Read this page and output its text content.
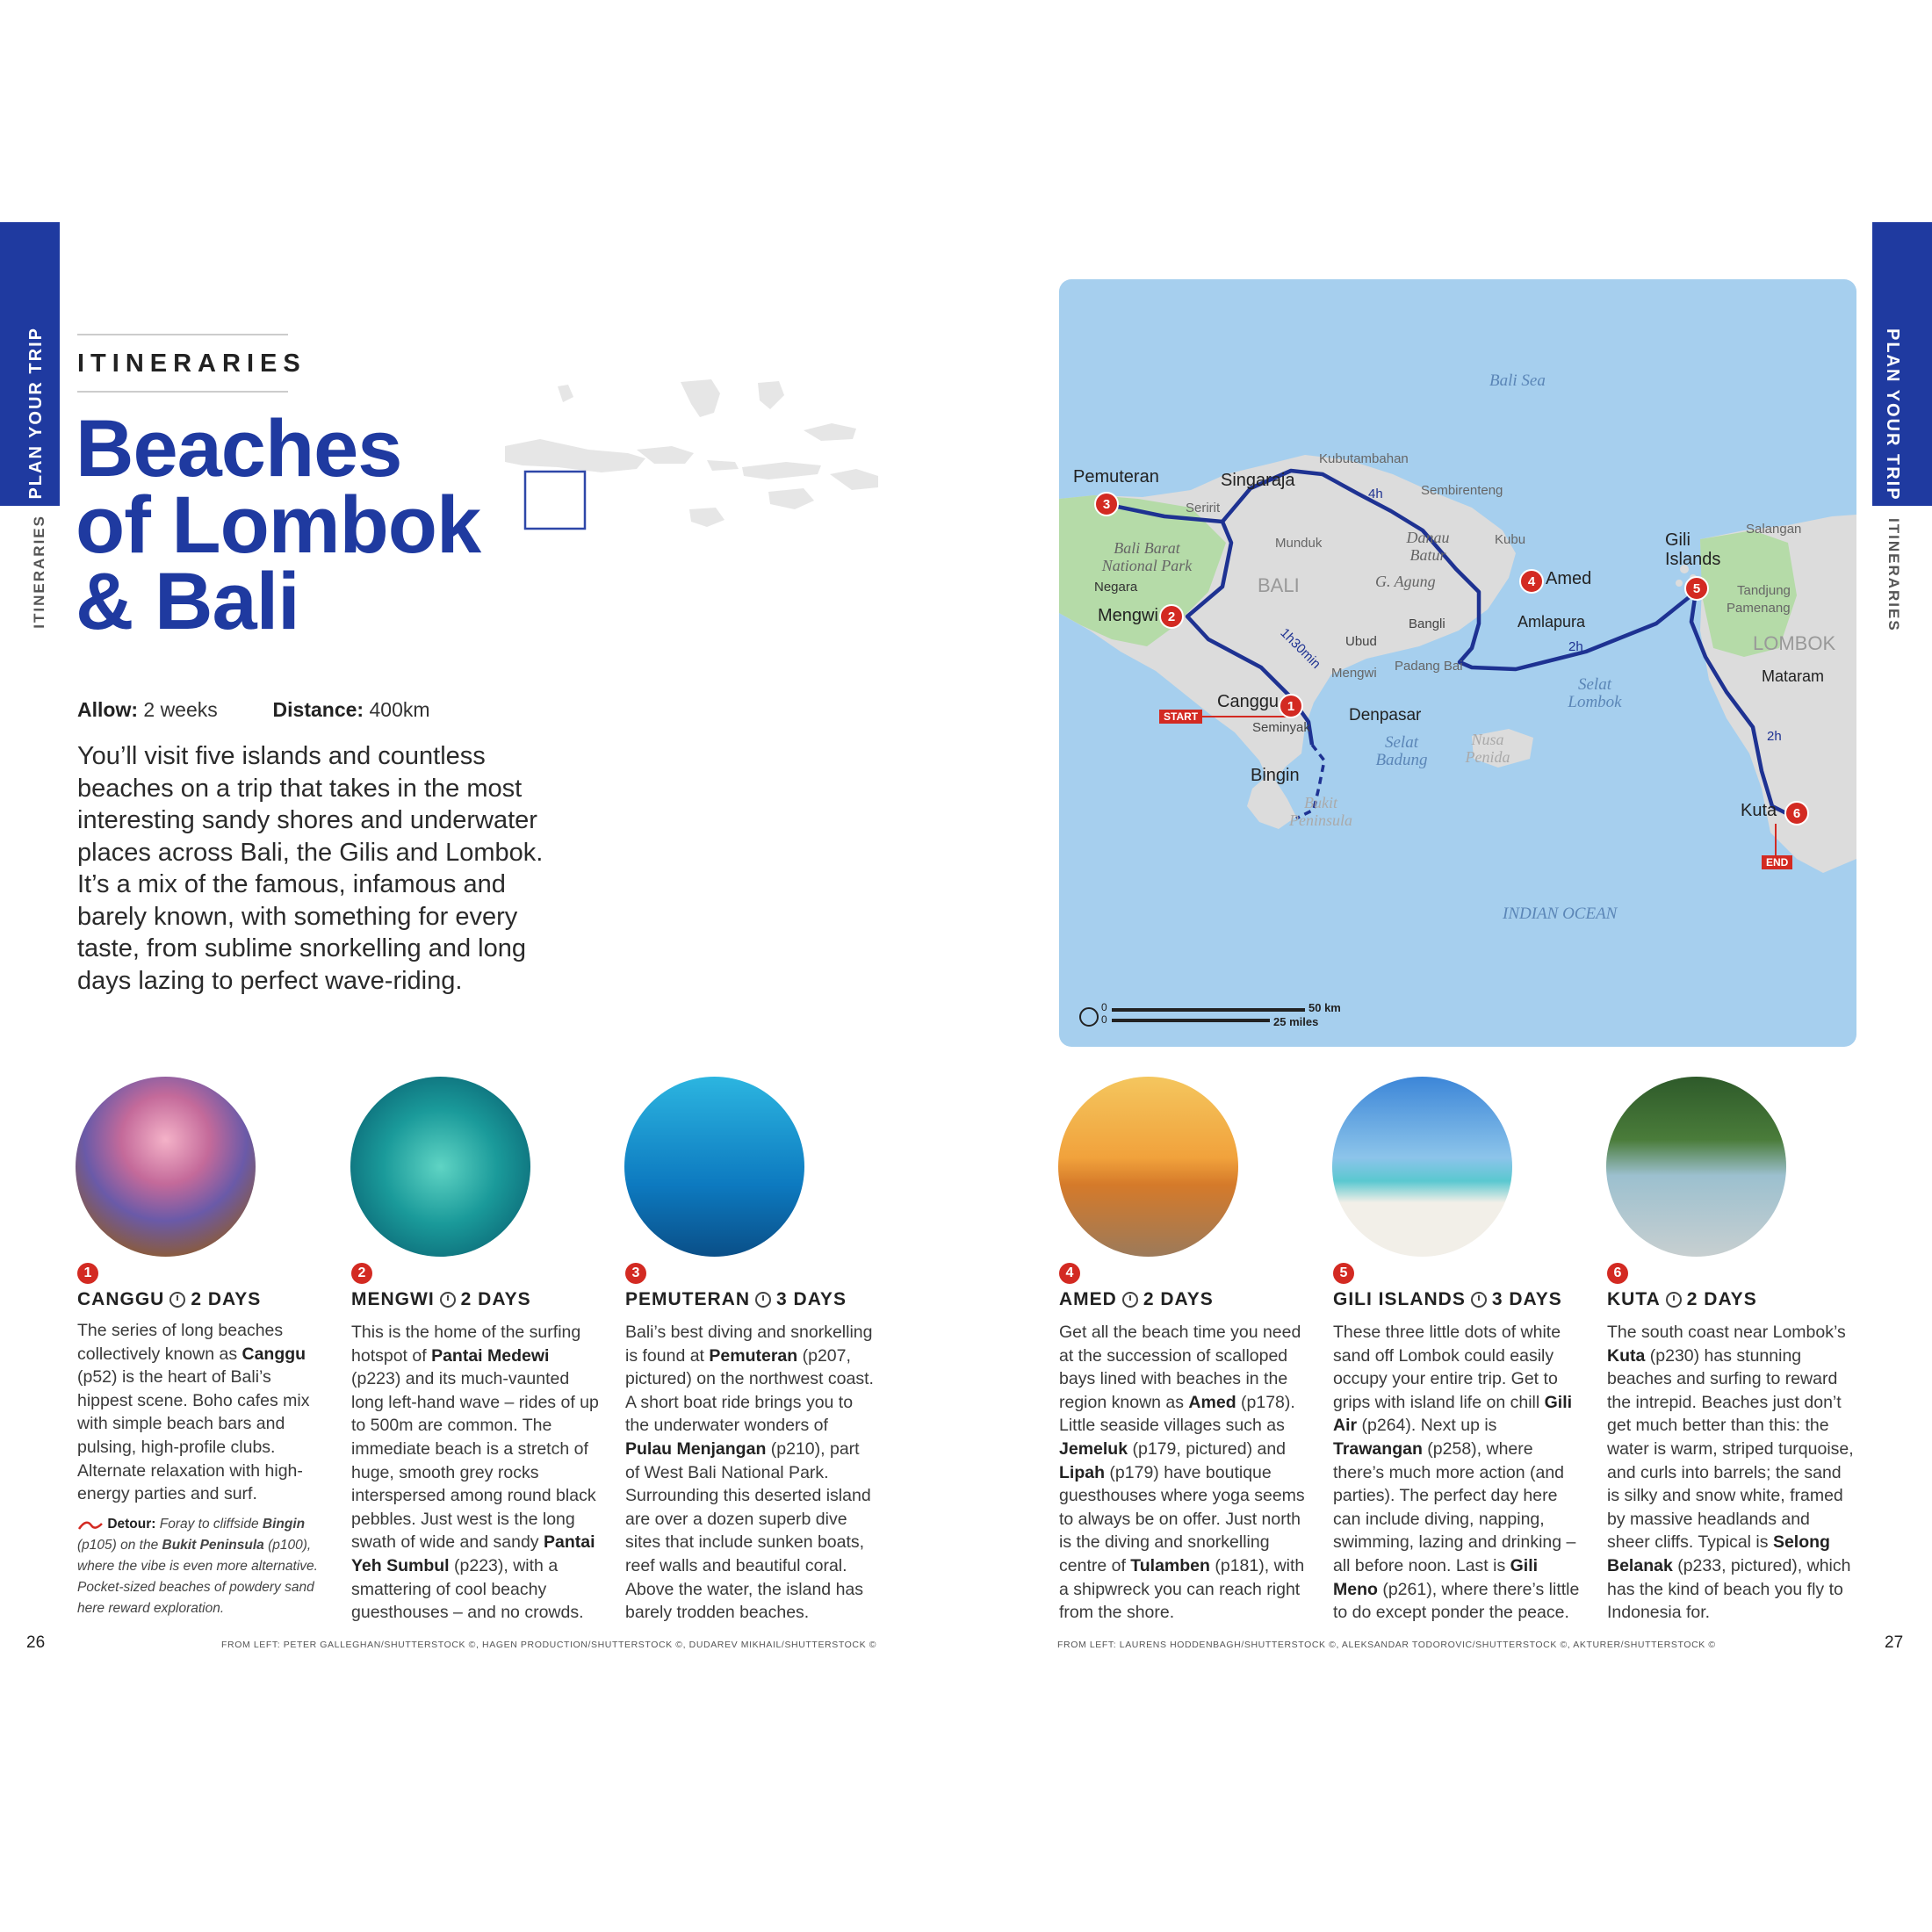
PLAN YOUR TRIP
ITINERARIES
PLAN YOUR TRIP
ITINERARIES
ITINERARIES
Beaches
of Lombok
& Bali
Allow: 2 weeks	Distance: 400km
You’ll visit five islands and countless beaches on a trip that takes in the most interesting sandy shores and underwater places across Bali, the Gilis and Lombok. It’s a mix of the famous, infamous and barely known, with something for every taste, from sublime snorkelling and long days lazing to perfect wave-riding.
Bali Sea
INDIAN OCEAN
Selat Lombok
Selat Badung
Bali Barat National Park
BALI
LOMBOK
Bukit Peninsula
Nusa Penida
Danau Batur
G. Agung
Singaraja
Kubutambahan
Sembirenteng
Seririt
Munduk
Negara
Kubu
Amlapura
Bangli
Ubud
Mengwi Padang Bai
Denpasar
Seminyak
Salangan
Tandjung
Pamenang
Mataram
Canggu 1
Mengwi 2
Pemuteran
3
Amed
4
Gili Islands
5
Kuta	6
Bingin
START
END
4h
1h30min	2h
2h
0
0
50 km
25 miles
1	2	3	4	5	6
CANGGU 2 DAYS	MENGWI 2 DAYS	PEMUTERAN 3 DAYS	AMED 2 DAYS	GILI ISLANDS 3 DAYS KUTA 2 DAYS
The series of long beaches collectively known as Canggu (p52) is the heart of Bali’s hippest scene. Boho cafes mix with simple beach bars and pulsing, high-profile clubs. Alternate relaxation with high-energy parties and surf.
This is the home of the surfing hotspot of Pantai Medewi (p223) and its much-vaunted long left-hand wave – rides of up to 500m are common. The immediate beach is a stretch of huge, smooth grey rocks interspersed among round black pebbles. Just west is the long swath of wide and sandy Pantai Yeh Sumbul (p223), with a smattering of cool beachy guesthouses – and no crowds.
Bali’s best diving and snorkelling is found at Pemuteran (p207, pictured) on the northwest coast. A short boat ride brings you to the underwater wonders of Pulau Menjangan (p210), part of West Bali National Park. Surrounding this deserted island are over a dozen superb dive sites that include sunken boats, reef walls and beautiful coral. Above the water, the island has barely trodden beaches.
Get all the beach time you need at the succession of scalloped bays lined with beaches in the region known as Amed (p178). Little seaside villages such as Jemeluk (p179, pictured) and Lipah (p179) have boutique guesthouses where yoga seems to always be on offer. Just north is the diving and snorkelling centre of Tulamben (p181), with a shipwreck you can reach right from the shore.
These three little dots of white sand off Lombok could easily occupy your entire trip. Get to grips with island life on chill Gili Air (p264). Next up is Trawangan (p258), where there’s much more action (and parties). The perfect day here can include diving, napping, swimming, lazing and drinking – all before noon. Last is Gili Meno (p261), where there’s little to do except ponder the peace.
The south coast near Lombok’s Kuta (p230) has stunning beaches and surfing to reward the intrepid. Beaches just don’t get much better than this: the water is warm, striped turquoise, and curls into barrels; the sand is silky and snow white, framed by massive headlands and sheer cliffs. Typical is Selong Belanak (p233, pictured), which has the kind of beach you fly to Indonesia for.
Detour: Foray to cliffside Bingin (p105) on the Bukit Peninsula (p100), where the vibe is even more alternative. Pocket-sized beaches of powdery sand here reward exploration.
26	27
FROM LEFT: PETER GALLEGHAN/SHUTTERSTOCK ©, HAGEN PRODUCTION/SHUTTERSTOCK ©, DUDAREV MIKHAIL/SHUTTERSTOCK ©	FROM LEFT: LAURENS HODDENBAGH/SHUTTERSTOCK ©, ALEKSANDAR TODOROVIC/SHUTTERSTOCK ©, AKTURER/SHUTTERSTOCK ©
